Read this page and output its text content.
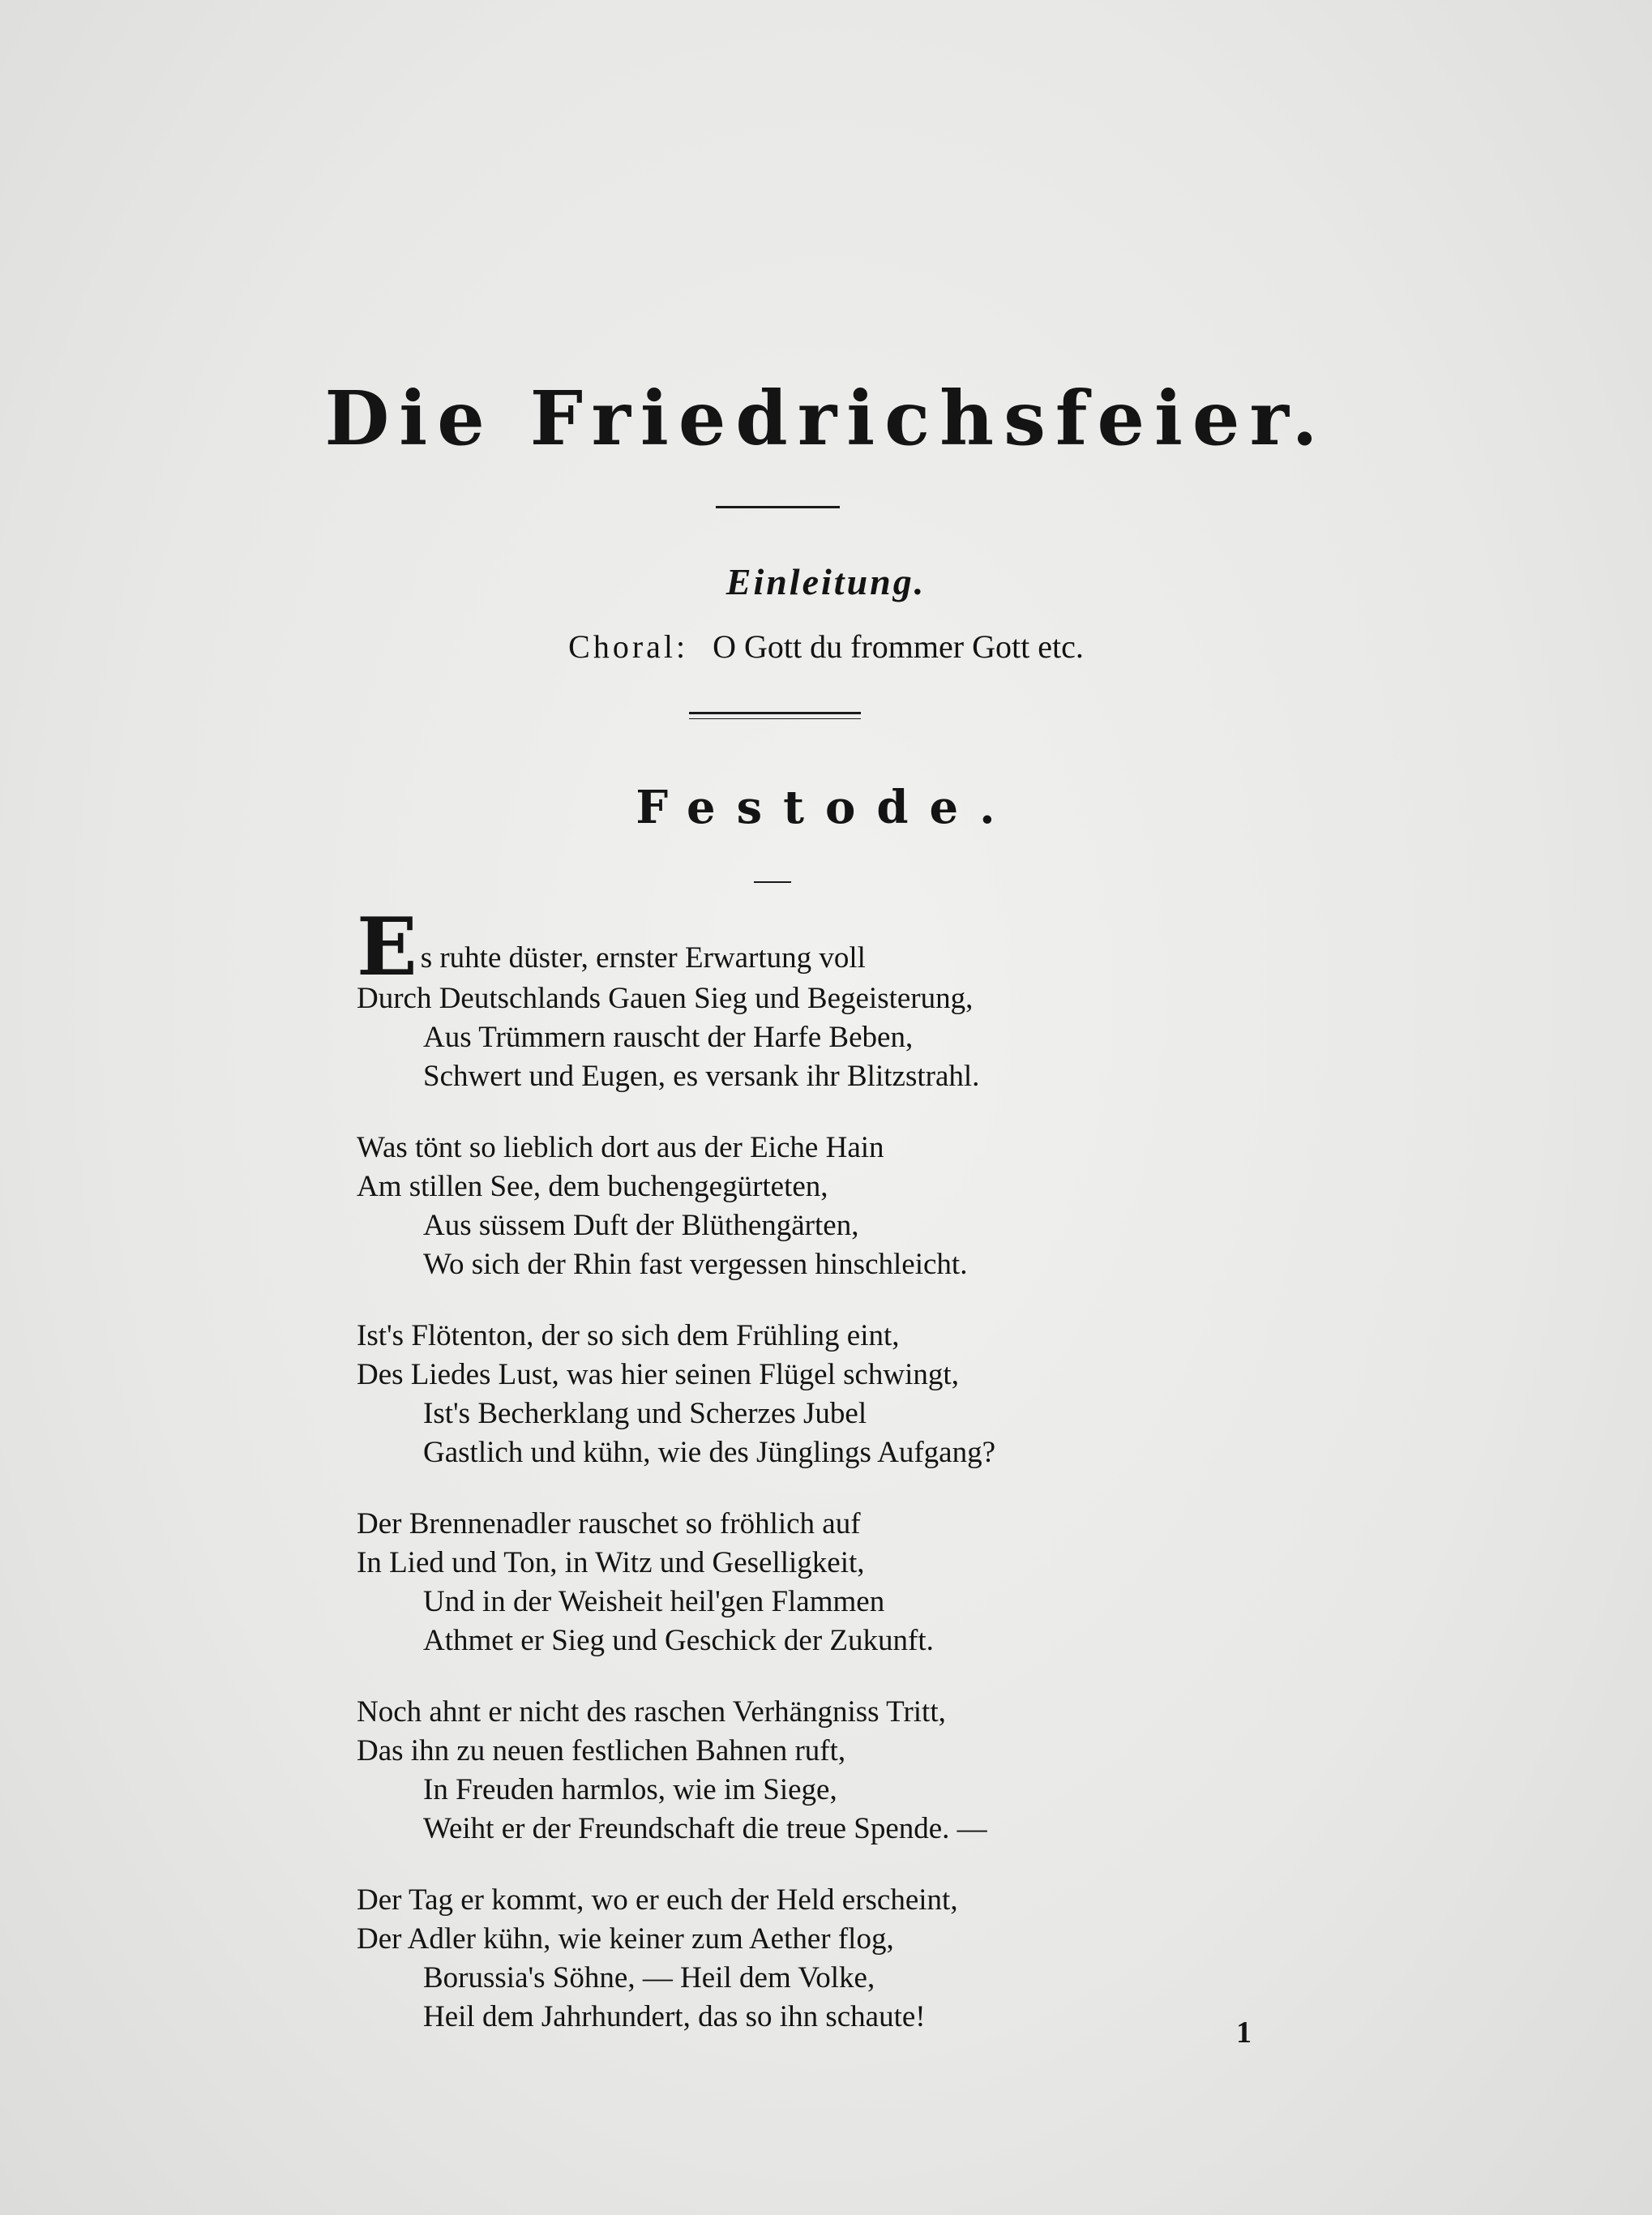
Die Friedrichsfeier.
Einleitung.
Choral: O Gott du frommer Gott etc.
Festode.
E s ruhte düster, ernster Erwartung voll
Durch Deutschlands Gauen Sieg und Begeisterung,
Aus Trümmern rauscht der Harfe Beben,
Schwert und Eugen, es versank ihr Blitzstrahl.
Was tönt so lieblich dort aus der Eiche Hain
Am stillen See, dem buchengegürteten,
Aus süssem Duft der Blüthengärten,
Wo sich der Rhin fast vergessen hinschleicht.
Ist's Flötenton, der so sich dem Frühling eint,
Des Liedes Lust, was hier seinen Flügel schwingt,
Ist's Becherklang und Scherzes Jubel
Gastlich und kühn, wie des Jünglings Aufgang?
Der Brennenadler rauschet so fröhlich auf
In Lied und Ton, in Witz und Geselligkeit,
Und in der Weisheit heil'gen Flammen
Athmet er Sieg und Geschick der Zukunft.
Noch ahnt er nicht des raschen Verhängniss Tritt,
Das ihn zu neuen festlichen Bahnen ruft,
In Freuden harmlos, wie im Siege,
Weiht er der Freundschaft die treue Spende. —
Der Tag er kommt, wo er euch der Held erscheint,
Der Adler kühn, wie keiner zum Aether flog,
Borussia's Söhne, — Heil dem Volke,
Heil dem Jahrhundert, das so ihn schaute!	1
